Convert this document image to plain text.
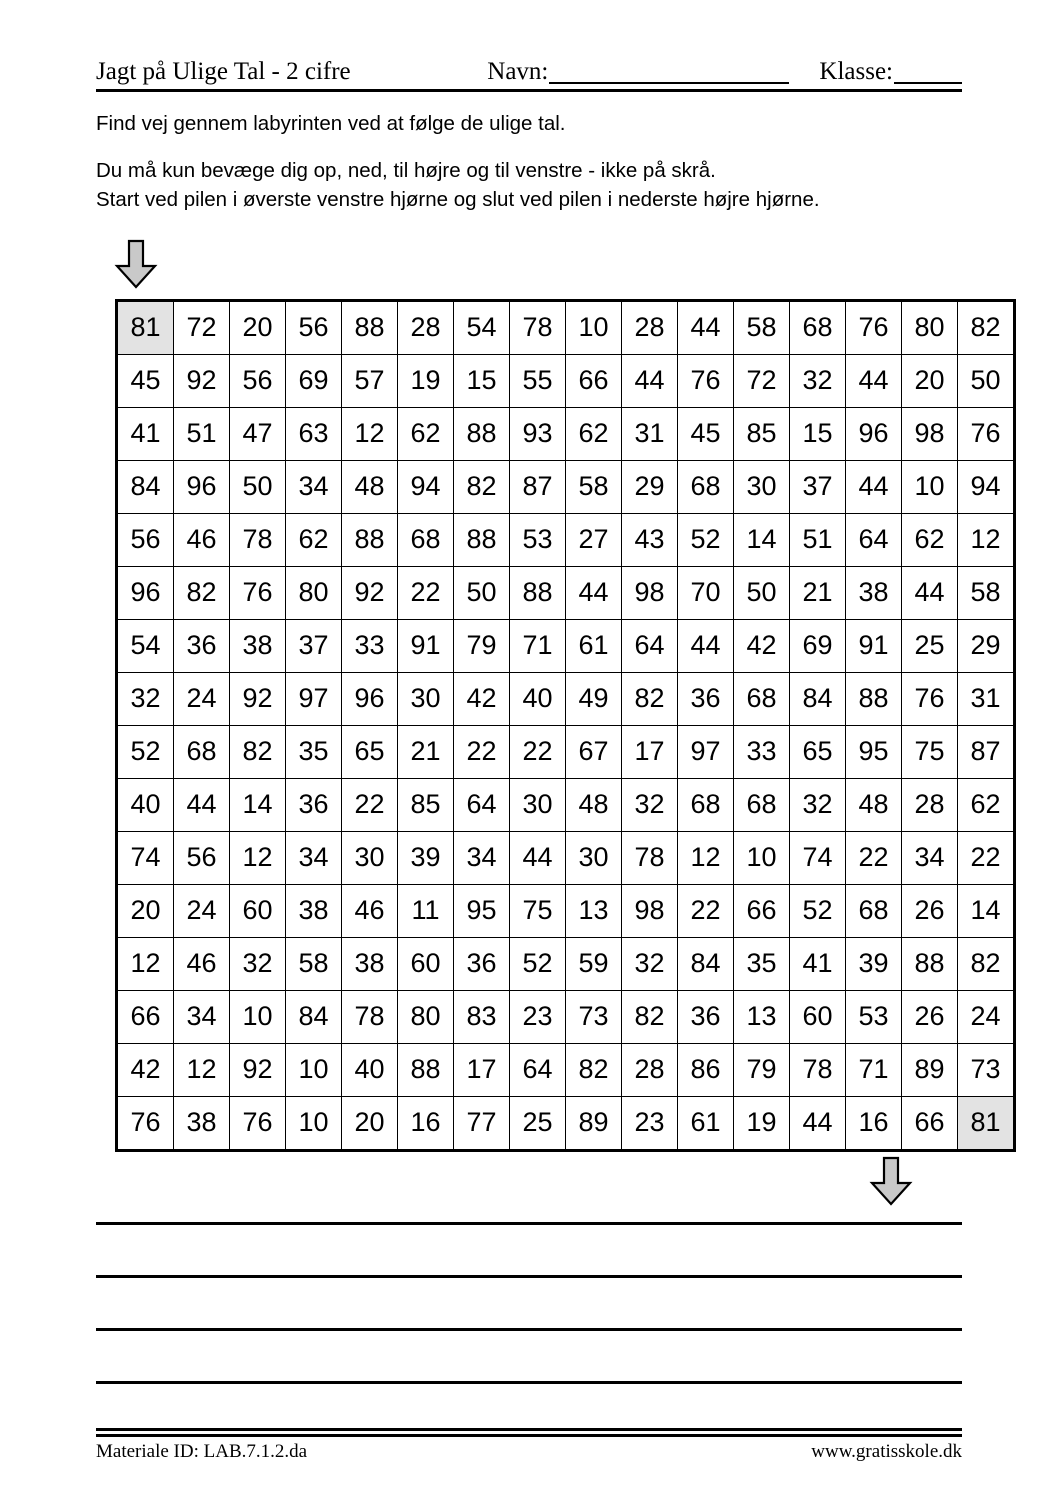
Jagt på Ulige Tal - 2 cifre	Navn:	Klasse:

Find vej gennem labyrinten ved at følge de ulige tal.

Du må kun bevæge dig op, ned, til højre og til venstre - ikke på skrå.

Start ved pilen i øverste venstre hjørne og slut ved pilen i nederste højre hjørne.

81	72	20	56	88	28	54	78	10	28	44	58	68	76	80	82
45	92	56	69	57	19	15	55	66	44	76	72	32	44	20	50
41	51	47	63	12	62	88	93	62	31	45	85	15	96	98	76
84	96	50	34	48	94	82	87	58	29	68	30	37	44	10	94
56	46	78	62	88	68	88	53	27	43	52	14	51	64	62	12
96	82	76	80	92	22	50	88	44	98	70	50	21	38	44	58
54	36	38	37	33	91	79	71	61	64	44	42	69	91	25	29
32	24	92	97	96	30	42	40	49	82	36	68	84	88	76	31
52	68	82	35	65	21	22	22	67	17	97	33	65	95	75	87
40	44	14	36	22	85	64	30	48	32	68	68	32	48	28	62
74	56	12	34	30	39	34	44	30	78	12	10	74	22	34	22
20	24	60	38	46	11	95	75	13	98	22	66	52	68	26	14
12	46	32	58	38	60	36	52	59	32	84	35	41	39	88	82
66	34	10	84	78	80	83	23	73	82	36	13	60	53	26	24
42	12	92	10	40	88	17	64	82	28	86	79	78	71	89	73
76	38	76	10	20	16	77	25	89	23	61	19	44	16	66	81
Materiale ID: LAB.7.1.2.da	www.gratisskole.dk
